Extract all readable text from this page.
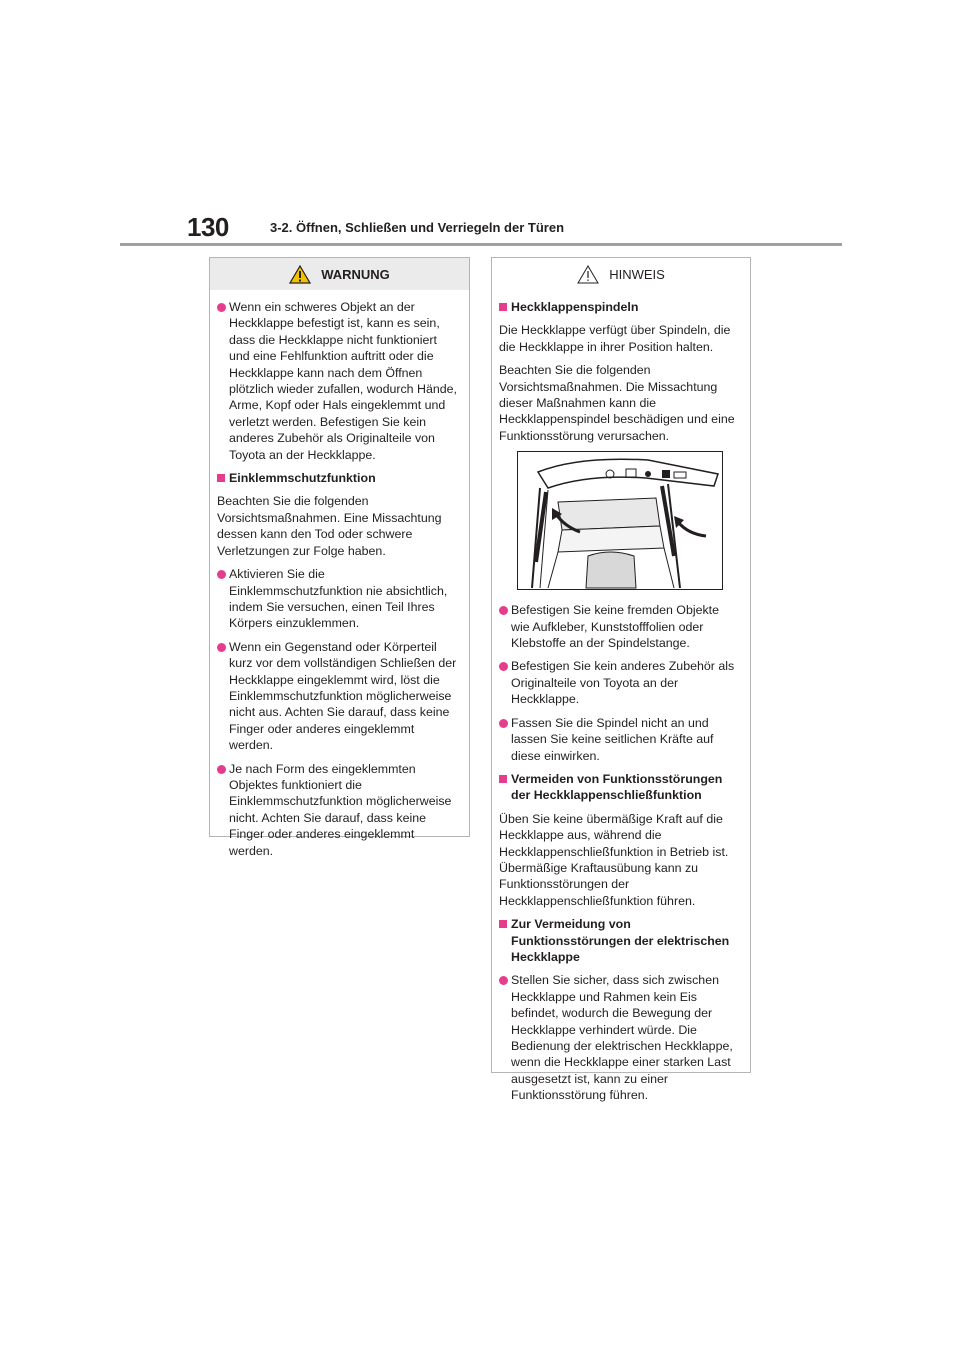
130	3-2. Öffnen, Schließen und Verriegeln der Türen
WARNUNG

Wenn ein schweres Objekt an der Heckklappe befestigt ist, kann es sein, dass die Heckklappe nicht funktioniert und eine Fehlfunktion auftritt oder die Heckklappe kann nach dem Öffnen plötzlich wieder zufallen, wodurch Hände, Arme, Kopf oder Hals eingeklemmt und verletzt werden. Befestigen Sie kein anderes Zubehör als Originalteile von Toyota an der Heckklappe.

Einklemmschutzfunktion

Beachten Sie die folgenden Vorsichtsmaßnahmen. Eine Missachtung dessen kann den Tod oder schwere Verletzungen zur Folge haben.

Aktivieren Sie die Einklemmschutzfunktion nie absichtlich, indem Sie versuchen, einen Teil Ihres Körpers einzuklemmen.

Wenn ein Gegenstand oder Körperteil kurz vor dem vollständigen Schließen der Heckklappe eingeklemmt wird, löst die Einklemmschutzfunktion möglicherweise nicht aus. Achten Sie darauf, dass keine Finger oder anderes eingeklemmt werden.

Je nach Form des eingeklemmten Objektes funktioniert die Einklemmschutzfunktion möglicherweise nicht. Achten Sie darauf, dass keine Finger oder anderes eingeklemmt werden.

HINWEIS

Heckklappenspindeln

Die Heckklappe verfügt über Spindeln, die die Heckklappe in ihrer Position halten.

Beachten Sie die folgenden Vorsichtsmaßnahmen. Die Missachtung dieser Maßnahmen kann die Heckklappenspindel beschädigen und eine Funktionsstörung verursachen.

Befestigen Sie keine fremden Objekte wie Aufkleber, Kunststofffolien oder Klebstoffe an der Spindelstange.

Befestigen Sie kein anderes Zubehör als Originalteile von Toyota an der Heckklappe.

Fassen Sie die Spindel nicht an und lassen Sie keine seitlichen Kräfte auf diese einwirken.

Vermeiden von Funktionsstörungen der Heckklappenschließfunktion

Üben Sie keine übermäßige Kraft auf die Heckklappe aus, während die Heckklappenschließfunktion in Betrieb ist. Übermäßige Kraftausübung kann zu Funktionsstörungen der Heckklappenschließfunktion führen.

Zur Vermeidung von Funktionsstörungen der elektrischen Heckklappe

Stellen Sie sicher, dass sich zwischen Heckklappe und Rahmen kein Eis befindet, wodurch die Bewegung der Heckklappe verhindert würde. Die Bedienung der elektrischen Heckklappe, wenn die Heckklappe einer starken Last ausgesetzt ist, kann zu einer Funktionsstörung führen.
